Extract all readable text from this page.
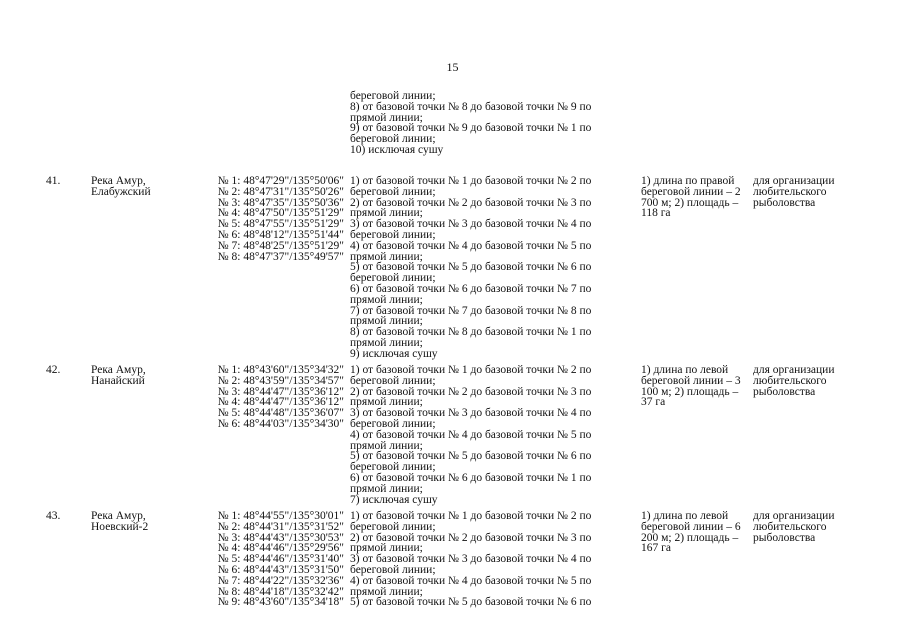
15
береговой линии;
8) от базовой точки № 8 до базовой точки № 9 по
прямой линии;
9) от базовой точки № 9 до базовой точки № 1 по
береговой линии;
10) исключая сушу
41.	Река Амур, Елабужский
№ 1: 48°47'29"/135°50'06"
№ 2: 48°47'31"/135°50'26"
№ 3: 48°47'35"/135°50'36"
№ 4: 48°47'50"/135°51'29"
№ 5: 48°47'55"/135°51'29"
№ 6: 48°48'12"/135°51'44"
№ 7: 48°48'25"/135°51'29"
№ 8: 48°47'37"/135°49'57"
1) от базовой точки № 1 до базовой точки № 2 по
береговой линии;
2) от базовой точки № 2 до базовой точки № 3 по
прямой линии;
3) от базовой точки № 3 до базовой точки № 4 по
береговой линии;
4) от базовой точки № 4 до базовой точки № 5 по
прямой линии;
5) от базовой точки № 5 до базовой точки № 6 по
береговой линии;
6) от базовой точки № 6 до базовой точки № 7 по
прямой линии;
7) от базовой точки № 7 до базовой точки № 8 по
прямой линии;
8) от базовой точки № 8 до базовой точки № 1 по
прямой линии;
9) исключая сушу
1) длина по правой береговой линии – 2 700 м; 2) площадь – 118 га
для организации любительского рыболовства
42.	Река Амур, Нанайский
№ 1: 48°43'60"/135°34'32"
№ 2: 48°43'59"/135°34'57"
№ 3: 48°44'47"/135°36'12"
№ 4: 48°44'47"/135°36'12"
№ 5: 48°44'48"/135°36'07"
№ 6: 48°44'03"/135°34'30"
1) от базовой точки № 1 до базовой точки № 2 по
береговой линии;
2) от базовой точки № 2 до базовой точки № 3 по
прямой линии;
3) от базовой точки № 3 до базовой точки № 4 по
береговой линии;
4) от базовой точки № 4 до базовой точки № 5 по
прямой линии;
5) от базовой точки № 5 до базовой точки № 6 по
береговой линии;
6) от базовой точки № 6 до базовой точки № 1 по
прямой линии;
7) исключая сушу
1) длина по левой береговой линии – 3 100 м; 2) площадь – 37 га
для организации любительского рыболовства
43.	Река Амур, Ноевский-2
№ 1: 48°44'55"/135°30'01"
№ 2: 48°44'31"/135°31'52"
№ 3: 48°44'43"/135°30'53"
№ 4: 48°44'46"/135°29'56"
№ 5: 48°44'46"/135°31'40"
№ 6: 48°44'43"/135°31'50"
№ 7: 48°44'22"/135°32'36"
№ 8: 48°44'18"/135°32'42"
№ 9: 48°43'60"/135°34'18"
1) от базовой точки № 1 до базовой точки № 2 по
береговой линии;
2) от базовой точки № 2 до базовой точки № 3 по
прямой линии;
3) от базовой точки № 3 до базовой точки № 4 по
береговой линии;
4) от базовой точки № 4 до базовой точки № 5 по
прямой линии;
5) от базовой точки № 5 до базовой точки № 6 по
1) длина по левой береговой линии – 6 200 м; 2) площадь – 167 га
для организации любительского рыболовства
